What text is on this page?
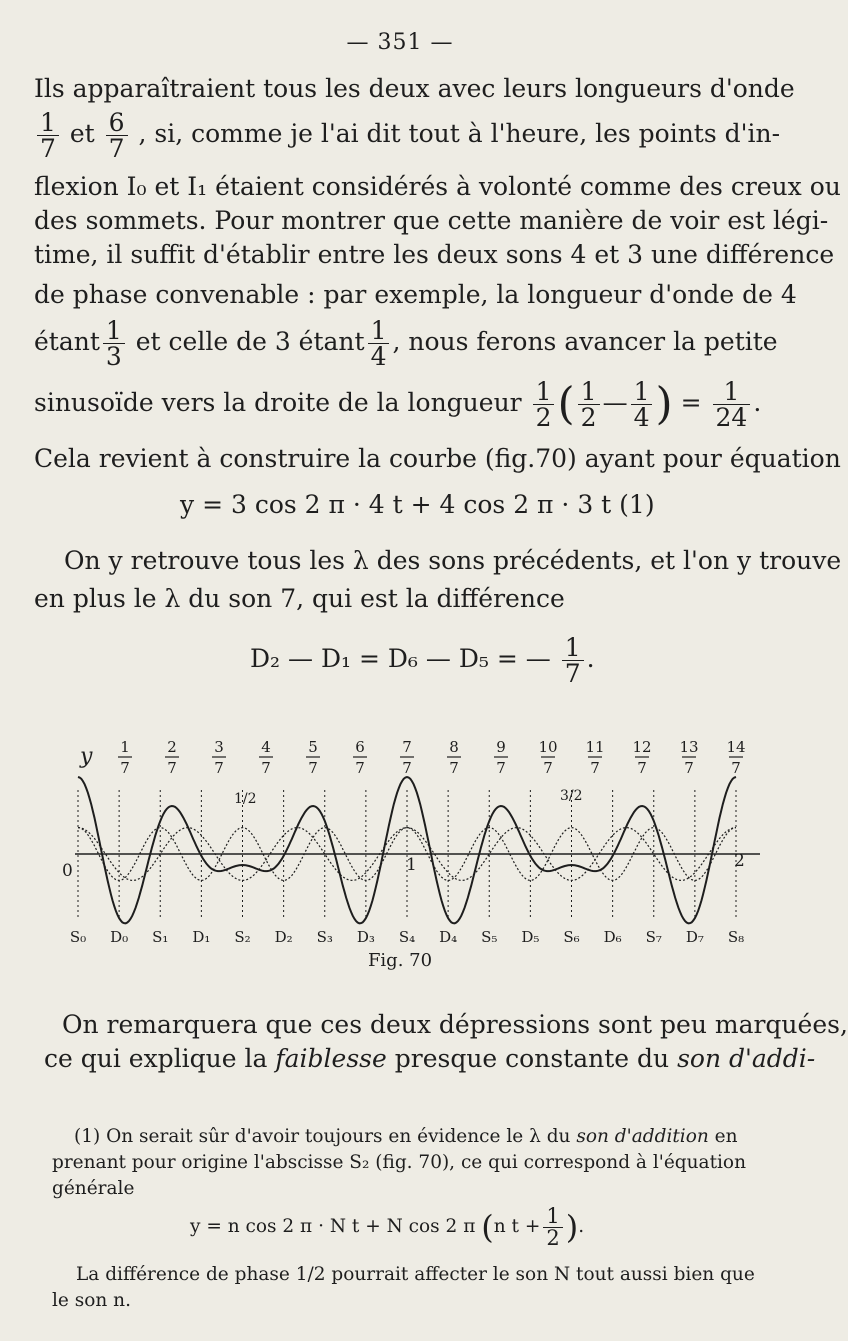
— 351 —
Ils apparaîtraient tous les deux avec leurs longueurs d'onde
$\frac{1}{7}$ et $\frac{6}{7}$ , si, comme je l'ai dit tout à l'heure, les points d'in-
flexion I₀ et I₁ étaient considérés à volonté comme des creux ou
des sommets. Pour montrer que cette manière de voir est légi-
time, il suffit d'établir entre les deux sons 4 et 3 une différence
de phase convenable : par exemple, la longueur d'onde de 4
étant $\frac{1}{3}$ et celle de 3 étant $\frac{1}{4}$ , nous ferons avancer la petite
sinusoïde vers la droite de la longueur $\frac{1}{2}$ ( $\frac{1}{2}$ — $\frac{1}{4}$ ) = $\frac{1}{24}$ .
Cela revient à construire la courbe (fig.70) ayant pour équation
y = 3 cos 2 π · 4 t + 4 cos 2 π · 3 t (1)
On y retrouve tous les λ des sons précédents, et l'on y trouve
en plus le λ du son 7, qui est la différence
D₂ — D₁ = D₆ — D₅ = — $\frac{1}{7}$ .
1
7
2
7
3
7
4
7
5
7
6
7
7
7
8
7
9
7
10
7
11
7
12
7
13
7
14
7
S₀ D₀ S₁ D₁ S₂ D₂ S₃ D₃ S₄ D₄ S₅ D₅ S₆ D₆ S₇ D₇ S₈
y
0	1	2
1/2	3/2
Fig. 70
On remarquera que ces deux dépressions sont peu marquées,
ce qui explique la faiblesse presque constante du son d'addi-
(1) On serait sûr d'avoir toujours en évidence le λ du son d'addition en
prenant pour origine l'abscisse S₂ (fig. 70), ce qui correspond à l'équation
générale
y = n cos 2 π · N t + N cos 2 π (n $t + \frac{1}{2}$ ).
La différence de phase 1/2 pourrait affecter le son N tout aussi bien que
le son n.
